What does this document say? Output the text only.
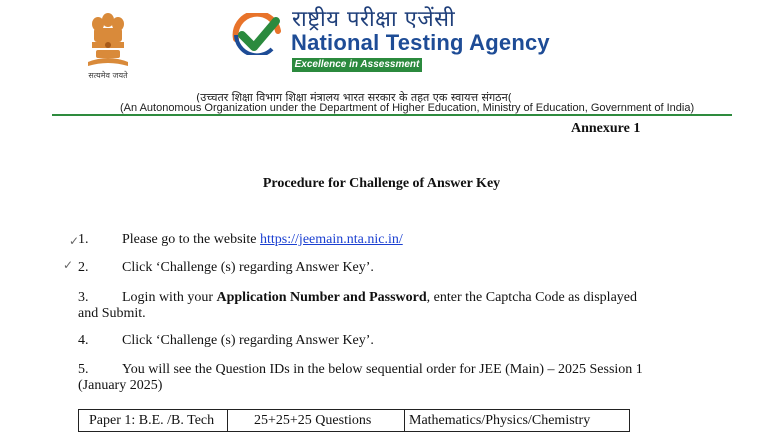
सत्यमेव जयते
राष्ट्रीय परीक्षा एजेंसी
National Testing Agency
Excellence in Assessment
(उच्चतर शिक्षा विभाग शिक्षा मंत्रालय भारत सरकार के तहत एक स्वायत्त संगठन(
(An Autonomous Organization under the Department of Higher Education, Ministry of Education, Government of India)
Annexure 1
Procedure for Challenge of Answer Key
✓
✓
1. Please go to the website https://jeemain.nta.nic.in/
2. Click ‘Challenge (s) regarding Answer Key’.
3. Login with your Application Number and Password, enter the Captcha Code as displayed
and Submit.
4. Click ‘Challenge (s) regarding Answer Key’.
5. You will see the Question IDs in the below sequential order for JEE (Main) – 2025 Session 1
(January 2025)
Paper 1: B.E. /B. Tech	25+25+25 Questions	Mathematics/Physics/Chemistry
